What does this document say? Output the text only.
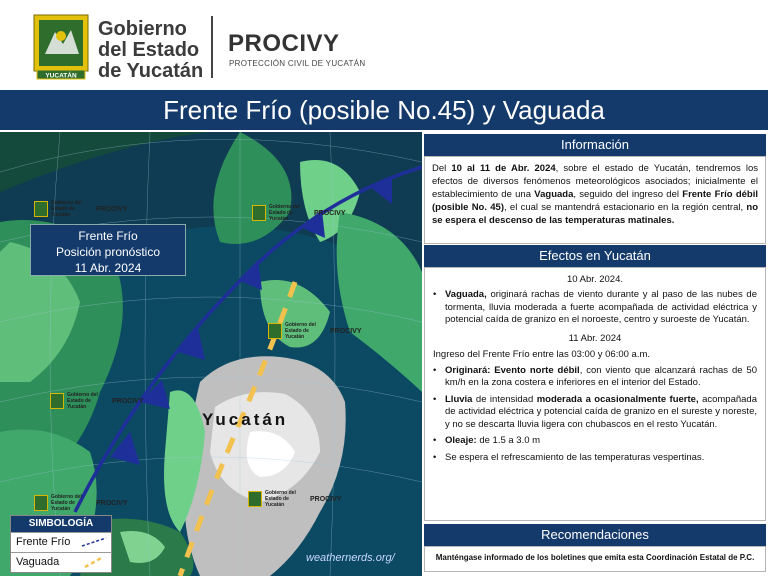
YUCATÁN
Gobierno
del Estado
de Yucatán
PROCIVY
PROTECCIÓN CIVIL DE YUCATÁN
Frente Frío (posible No.45) y Vaguada
Gobierno del Estado de Yucatán
PROCIVY	Gobierno del Estado de Yucatán
PROCIVY
Gobierno del Estado de Yucatán
PROCIVY
Gobierno del Estado de Yucatán
PROCIVY
Gobierno del Estado de Yucatán
PROCIVY
Gobierno del Estado de Yucatán
PROCIVY
Frente Frío
Posición pronóstico
11 Abr. 2024
Yucatán
weathernerds.org/
SIMBOLOGÍA
Frente Frío
Vaguada
Información
Del 10 al 11 de Abr. 2024, sobre el estado de Yucatán, tendremos los efectos de diversos fenómenos meteorológicos asociados; inicialmente el establecimiento de una Vaguada, seguido del ingreso del Frente Frío débil (posible No. 45), el cual se mantendrá estacionario en la región central, no se espera el descenso de las temperaturas matinales.
Efectos en Yucatán
10 Abr. 2024.
• Vaguada, originará rachas de viento durante y al paso de las nubes de tormenta, lluvia moderada a fuerte acompañada de actividad eléctrica y potencial caída de granizo en el noroeste, centro y suroeste de Yucatán.
11 Abr. 2024
Ingreso del Frente Frío entre las 03:00 y 06:00 a.m.
• Originará: Evento norte débil, con viento que alcanzará rachas de 50 km/h en la zona costera e inferiores en el interior del Estado.
• Lluvia de intensidad moderada a ocasionalmente fuerte, acompañada de actividad eléctrica y potencial caída de granizo en el sureste y noreste, y no se descarta lluvia ligera con chubascos en el resto Yucatán.
• Oleaje: de 1.5 a 3.0 m
• Se espera el refrescamiento de las temperaturas vespertinas.
Recomendaciones
Manténgase informado de los boletines que emita esta Coordinación Estatal de P.C.
